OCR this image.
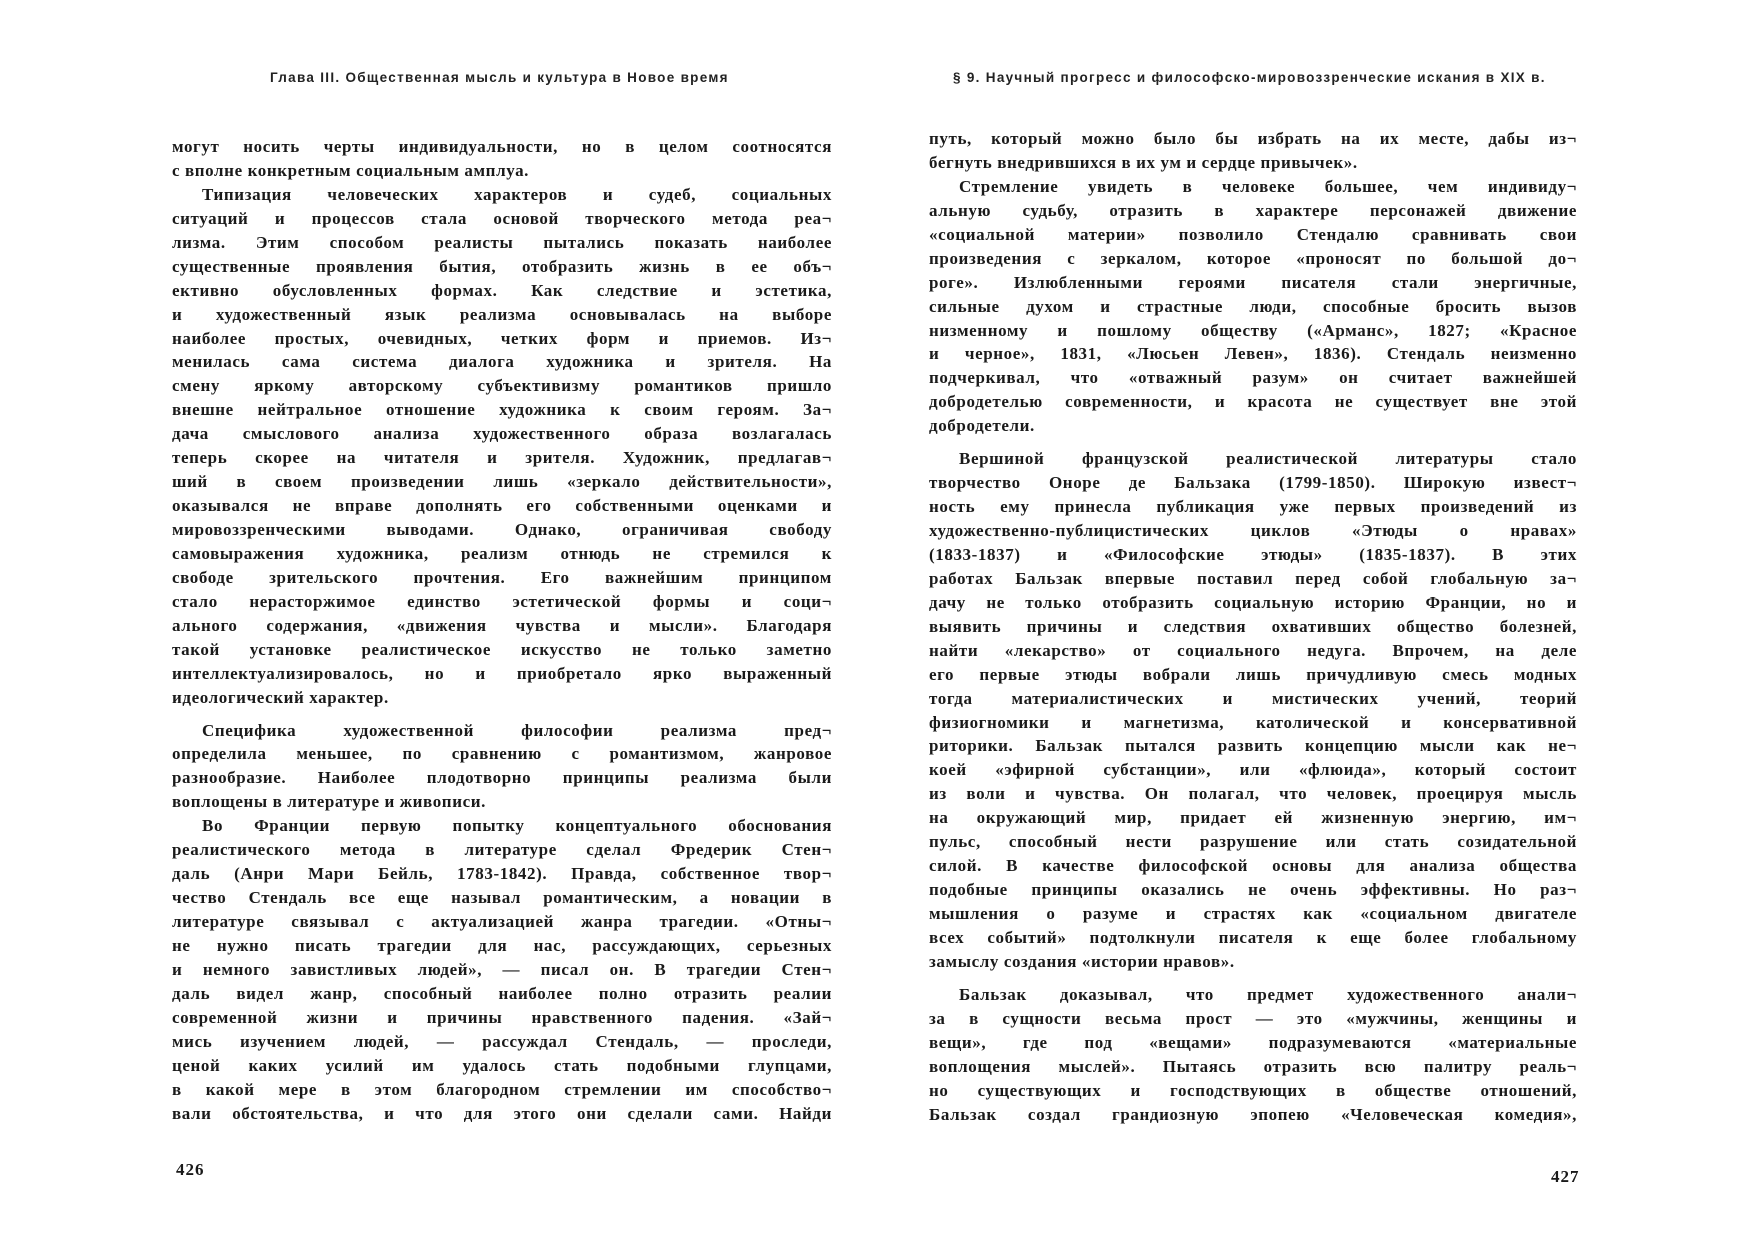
Глава III. Общественная мысль и культура в Новое время
могут носить черты индивидуальности, но в целом соотносятся
с вполне конкретным социальным амплуа.
Типизация человеческих характеров и судеб, социальных
ситуаций и процессов стала основой творческого метода реа¬
лизма. Этим способом реалисты пытались показать наиболее
существенные проявления бытия, отобразить жизнь в ее объ¬
ективно обусловленных формах. Как следствие и эстетика,
и художественный язык реализма основывалась на выборе
наиболее простых, очевидных, четких форм и приемов. Из¬
менилась сама система диалога художника и зрителя. На
смену яркому авторскому субъективизму романтиков пришло
внешне нейтральное отношение художника к своим героям. За¬
дача смыслового анализа художественного образа возлагалась
теперь скорее на читателя и зрителя. Художник, предлагав¬
ший в своем произведении лишь «зеркало действительности»,
оказывался не вправе дополнять его собственными оценками и
мировоззренческими выводами. Однако, ограничивая свободу
самовыражения художника, реализм отнюдь не стремился к
свободе зрительского прочтения. Его важнейшим принципом
стало нерасторжимое единство эстетической формы и соци¬
ального содержания, «движения чувства и мысли». Благодаря
такой установке реалистическое искусство не только заметно
интеллектуализировалось, но и приобретало ярко выраженный
идеологический характер.
Специфика художественной философии реализма пред¬
определила меньшее, по сравнению с романтизмом, жанровое
разнообразие. Наиболее плодотворно принципы реализма были
воплощены в литературе и живописи.
Во Франции первую попытку концептуального обоснования
реалистического метода в литературе сделал Фредерик Стен¬
даль (Анри Мари Бейль, 1783-1842). Правда, собственное твор¬
чество Стендаль все еще называл романтическим, а новации в
литературе связывал с актуализацией жанра трагедии. «Отны¬
не нужно писать трагедии для нас, рассуждающих, серьезных
и немного завистливых людей», — писал он. В трагедии Стен¬
даль видел жанр, способный наиболее полно отразить реалии
современной жизни и причины нравственного падения. «Зай¬
мись изучением людей, — рассуждал Стендаль, — проследи,
ценой каких усилий им удалось стать подобными глупцами,
в какой мере в этом благородном стремлении им способство¬
вали обстоятельства, и что для этого они сделали сами. Найди
426
§ 9. Научный прогресс и философско-мировоззренческие искания в XIX в.
путь, который можно было бы избрать на их месте, дабы из¬
бегнуть внедрившихся в их ум и сердце привычек».
Стремление увидеть в человеке большее, чем индивиду¬
альную судьбу, отразить в характере персонажей движение
«социальной материи» позволило Стендалю сравнивать свои
произведения с зеркалом, которое «проносят по большой до¬
роге». Излюбленными героями писателя стали энергичные,
сильные духом и страстные люди, способные бросить вызов
низменному и пошлому обществу («Арманс», 1827; «Красное
и черное», 1831, «Люсьен Левен», 1836). Стендаль неизменно
подчеркивал, что «отважный разум» он считает важнейшей
добродетелью современности, и красота не существует вне этой
добродетели.
Вершиной французской реалистической литературы стало
творчество Оноре де Бальзака (1799-1850). Широкую извест¬
ность ему принесла публикация уже первых произведений из
художественно-публицистических циклов «Этюды о нравах»
(1833-1837) и «Философские этюды» (1835-1837). В этих
работах Бальзак впервые поставил перед собой глобальную за¬
дачу не только отобразить социальную историю Франции, но и
выявить причины и следствия охвативших общество болезней,
найти «лекарство» от социального недуга. Впрочем, на деле
его первые этюды вобрали лишь причудливую смесь модных
тогда материалистических и мистических учений, теорий
физиогномики и магнетизма, католической и консервативной
риторики. Бальзак пытался развить концепцию мысли как не¬
коей «эфирной субстанции», или «флюида», который состоит
из воли и чувства. Он полагал, что человек, проецируя мысль
на окружающий мир, придает ей жизненную энергию, им¬
пульс, способный нести разрушение или стать созидательной
силой. В качестве философской основы для анализа общества
подобные принципы оказались не очень эффективны. Но раз¬
мышления о разуме и страстях как «социальном двигателе
всех событий» подтолкнули писателя к еще более глобальному
замыслу создания «истории нравов».
Бальзак доказывал, что предмет художественного анали¬
за в сущности весьма прост — это «мужчины, женщины и
вещи», где под «вещами» подразумеваются «материальные
воплощения мыслей». Пытаясь отразить всю палитру реаль¬
но существующих и господствующих в обществе отношений,
Бальзак создал грандиозную эпопею «Человеческая комедия»,
427
